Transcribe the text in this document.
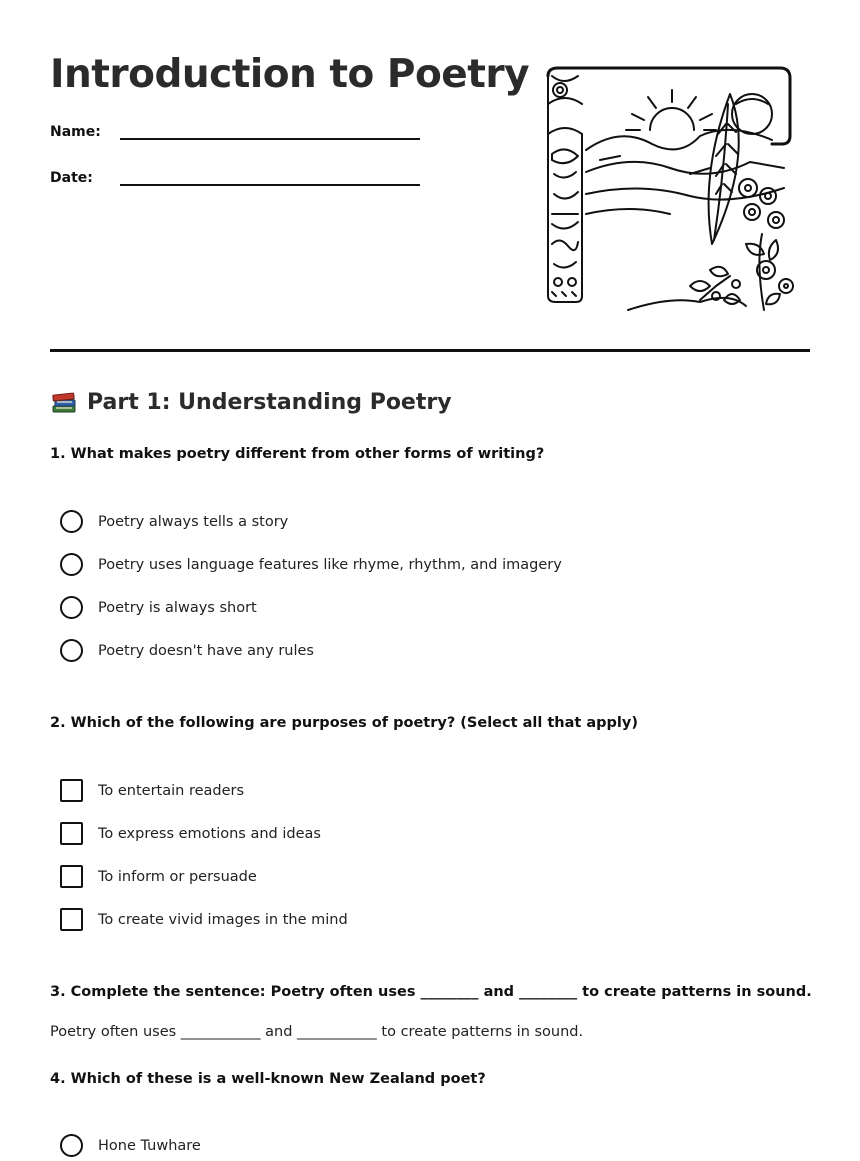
Introduction to Poetry
Name:
Date:
Part 1: Understanding Poetry
1. What makes poetry different from other forms of writing?
Poetry always tells a story
Poetry uses language features like rhyme, rhythm, and imagery
Poetry is always short
Poetry doesn't have any rules
2. Which of the following are purposes of poetry? (Select all that apply)
To entertain readers
To express emotions and ideas
To inform or persuade
To create vivid images in the mind
3. Complete the sentence: Poetry often uses ________ and ________ to create patterns in sound.
Poetry often uses ___________ and ___________ to create patterns in sound.
4. Which of these is a well-known New Zealand poet?
Hone Tuwhare
